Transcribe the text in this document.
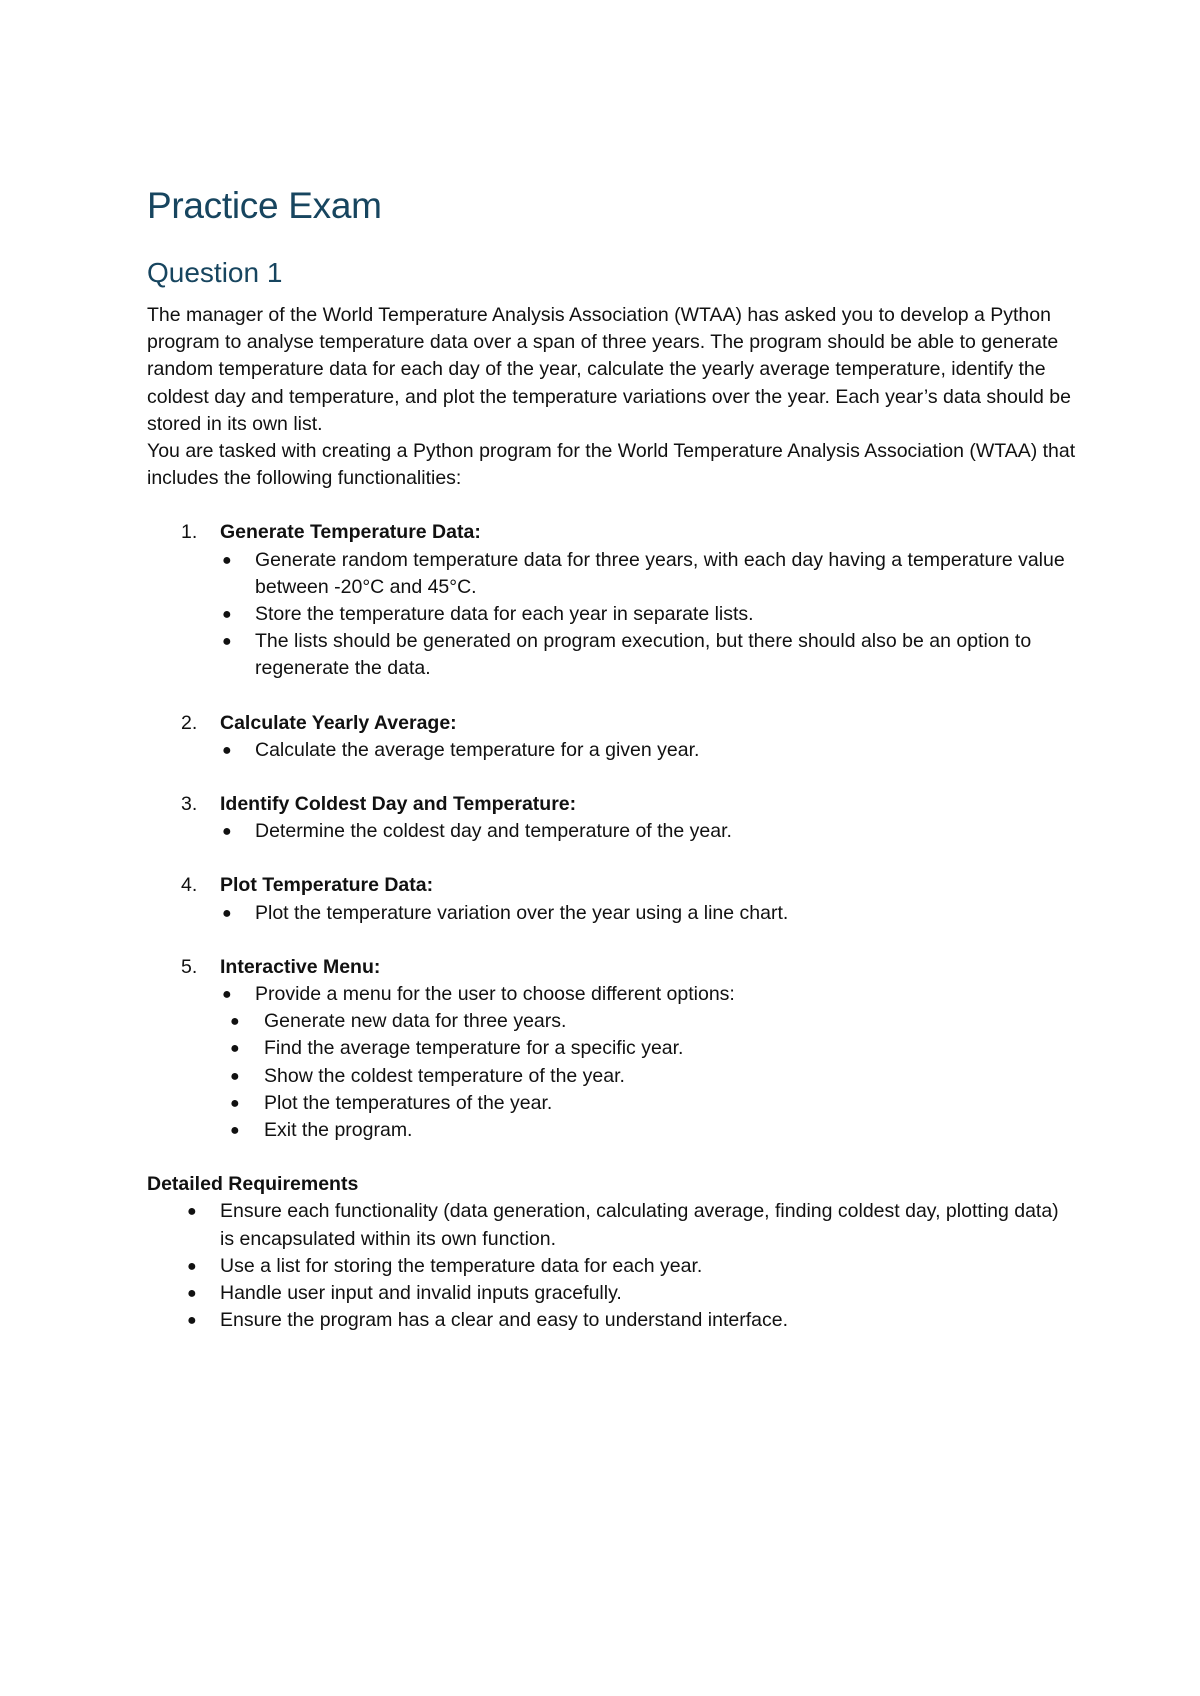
Practice Exam
Question 1

The manager of the World Temperature Analysis Association (WTAA) has asked you to develop a Python program to analyse temperature data over a span of three years. The program should be able to generate random temperature data for each day of the year, calculate the yearly average temperature, identify the coldest day and temperature, and plot the temperature variations over the year. Each year’s data should be stored in its own list.

You are tasked with creating a Python program for the World Temperature Analysis Association (WTAA) that includes the following functionalities:

1. Generate Temperature Data:
● Generate random temperature data for three years, with each day having a temperature value between -20°C and 45°C.
● Store the temperature data for each year in separate lists.
● The lists should be generated on program execution, but there should also be an option to regenerate the data.
2. Calculate Yearly Average:
● Calculate the average temperature for a given year.
3. Identify Coldest Day and Temperature:
● Determine the coldest day and temperature of the year.
4. Plot Temperature Data:
● Plot the temperature variation over the year using a line chart.
5. Interactive Menu:
● Provide a menu for the user to choose different options:
● Generate new data for three years.
● Find the average temperature for a specific year.
● Show the coldest temperature of the year.
● Plot the temperatures of the year.
● Exit the program.

Detailed Requirements

● Ensure each functionality (data generation, calculating average, finding coldest day, plotting data) is encapsulated within its own function.
● Use a list for storing the temperature data for each year.
● Handle user input and invalid inputs gracefully.
● Ensure the program has a clear and easy to understand interface.
